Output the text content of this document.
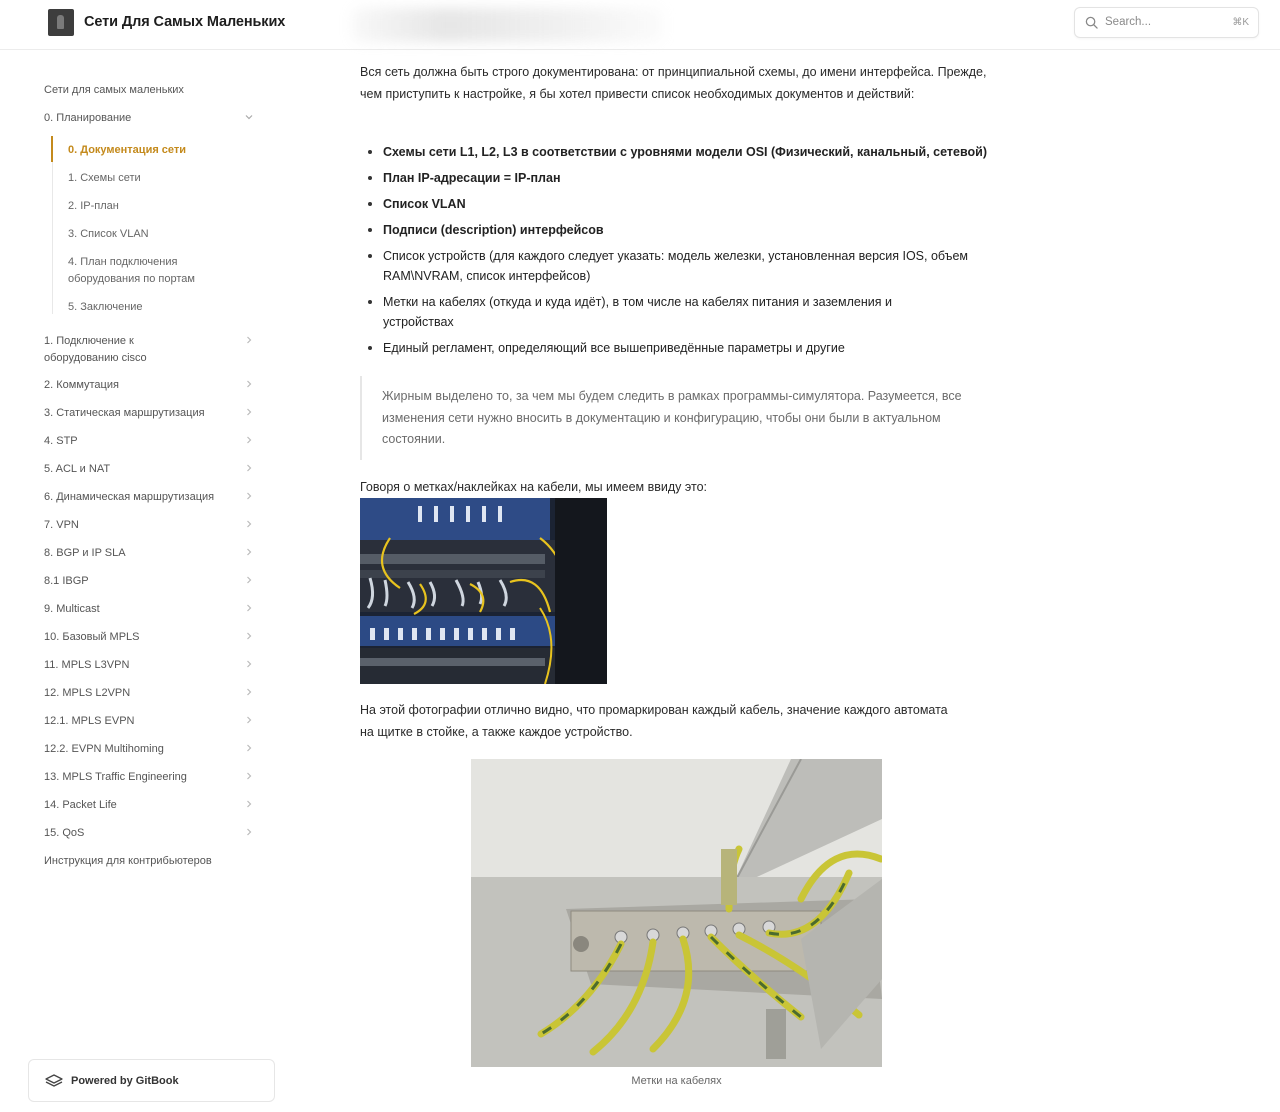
Сети Для Самых Маленьких	Search...	⌘K
Сети для самых маленьких
0. Планирование
0. Документация сети
1. Схемы сети
2. IP-план
3. Список VLAN
4. План подключения оборудования по портам
5. Заключение
1. Подключение к оборудованию cisco
2. Коммутация
3. Статическая маршрутизация
4. STP
5. ACL и NAT
6. Динамическая маршрутизация
7. VPN
8. BGP и IP SLA
8.1 IBGP
9. Multicast
10. Базовый MPLS
11. MPLS L3VPN
12. MPLS L2VPN
12.1. MPLS EVPN
12.2. EVPN Multihoming
13. MPLS Traffic Engineering
14. Packet Life
15. QoS
Инструкция для контрибьютеров
Powered by GitBook
Вся сеть должна быть строго документирована: от принципиальной схемы, до имени интерфейса. Прежде, чем приступить к настройке, я бы хотел привести список необходимых документов и действий:
Схемы сети L1, L2, L3 в соответствии с уровнями модели OSI (Физический, канальный, сетевой)
План IP-адресации = IP-план
Список VLAN
Подписи (description) интерфейсов
Список устройств (для каждого следует указать: модель железки, установленная версия IOS, объем RAM\NVRAM, список интерфейсов)
Метки на кабелях (откуда и куда идёт), в том числе на кабелях питания и заземления и устройствах
Единый регламент, определяющий все вышеприведённые параметры и другие
Жирным выделено то, за чем мы будем следить в рамках программы-симулятора. Разумеется, все изменения сети нужно вносить в документацию и конфигурацию, чтобы они были в актуальном состоянии.
Говоря о метках/наклейках на кабели, мы имеем ввиду это:
На этой фотографии отлично видно, что промаркирован каждый кабель, значение каждого автомата на щитке в стойке, а также каждое устройство.
Метки на кабелях
